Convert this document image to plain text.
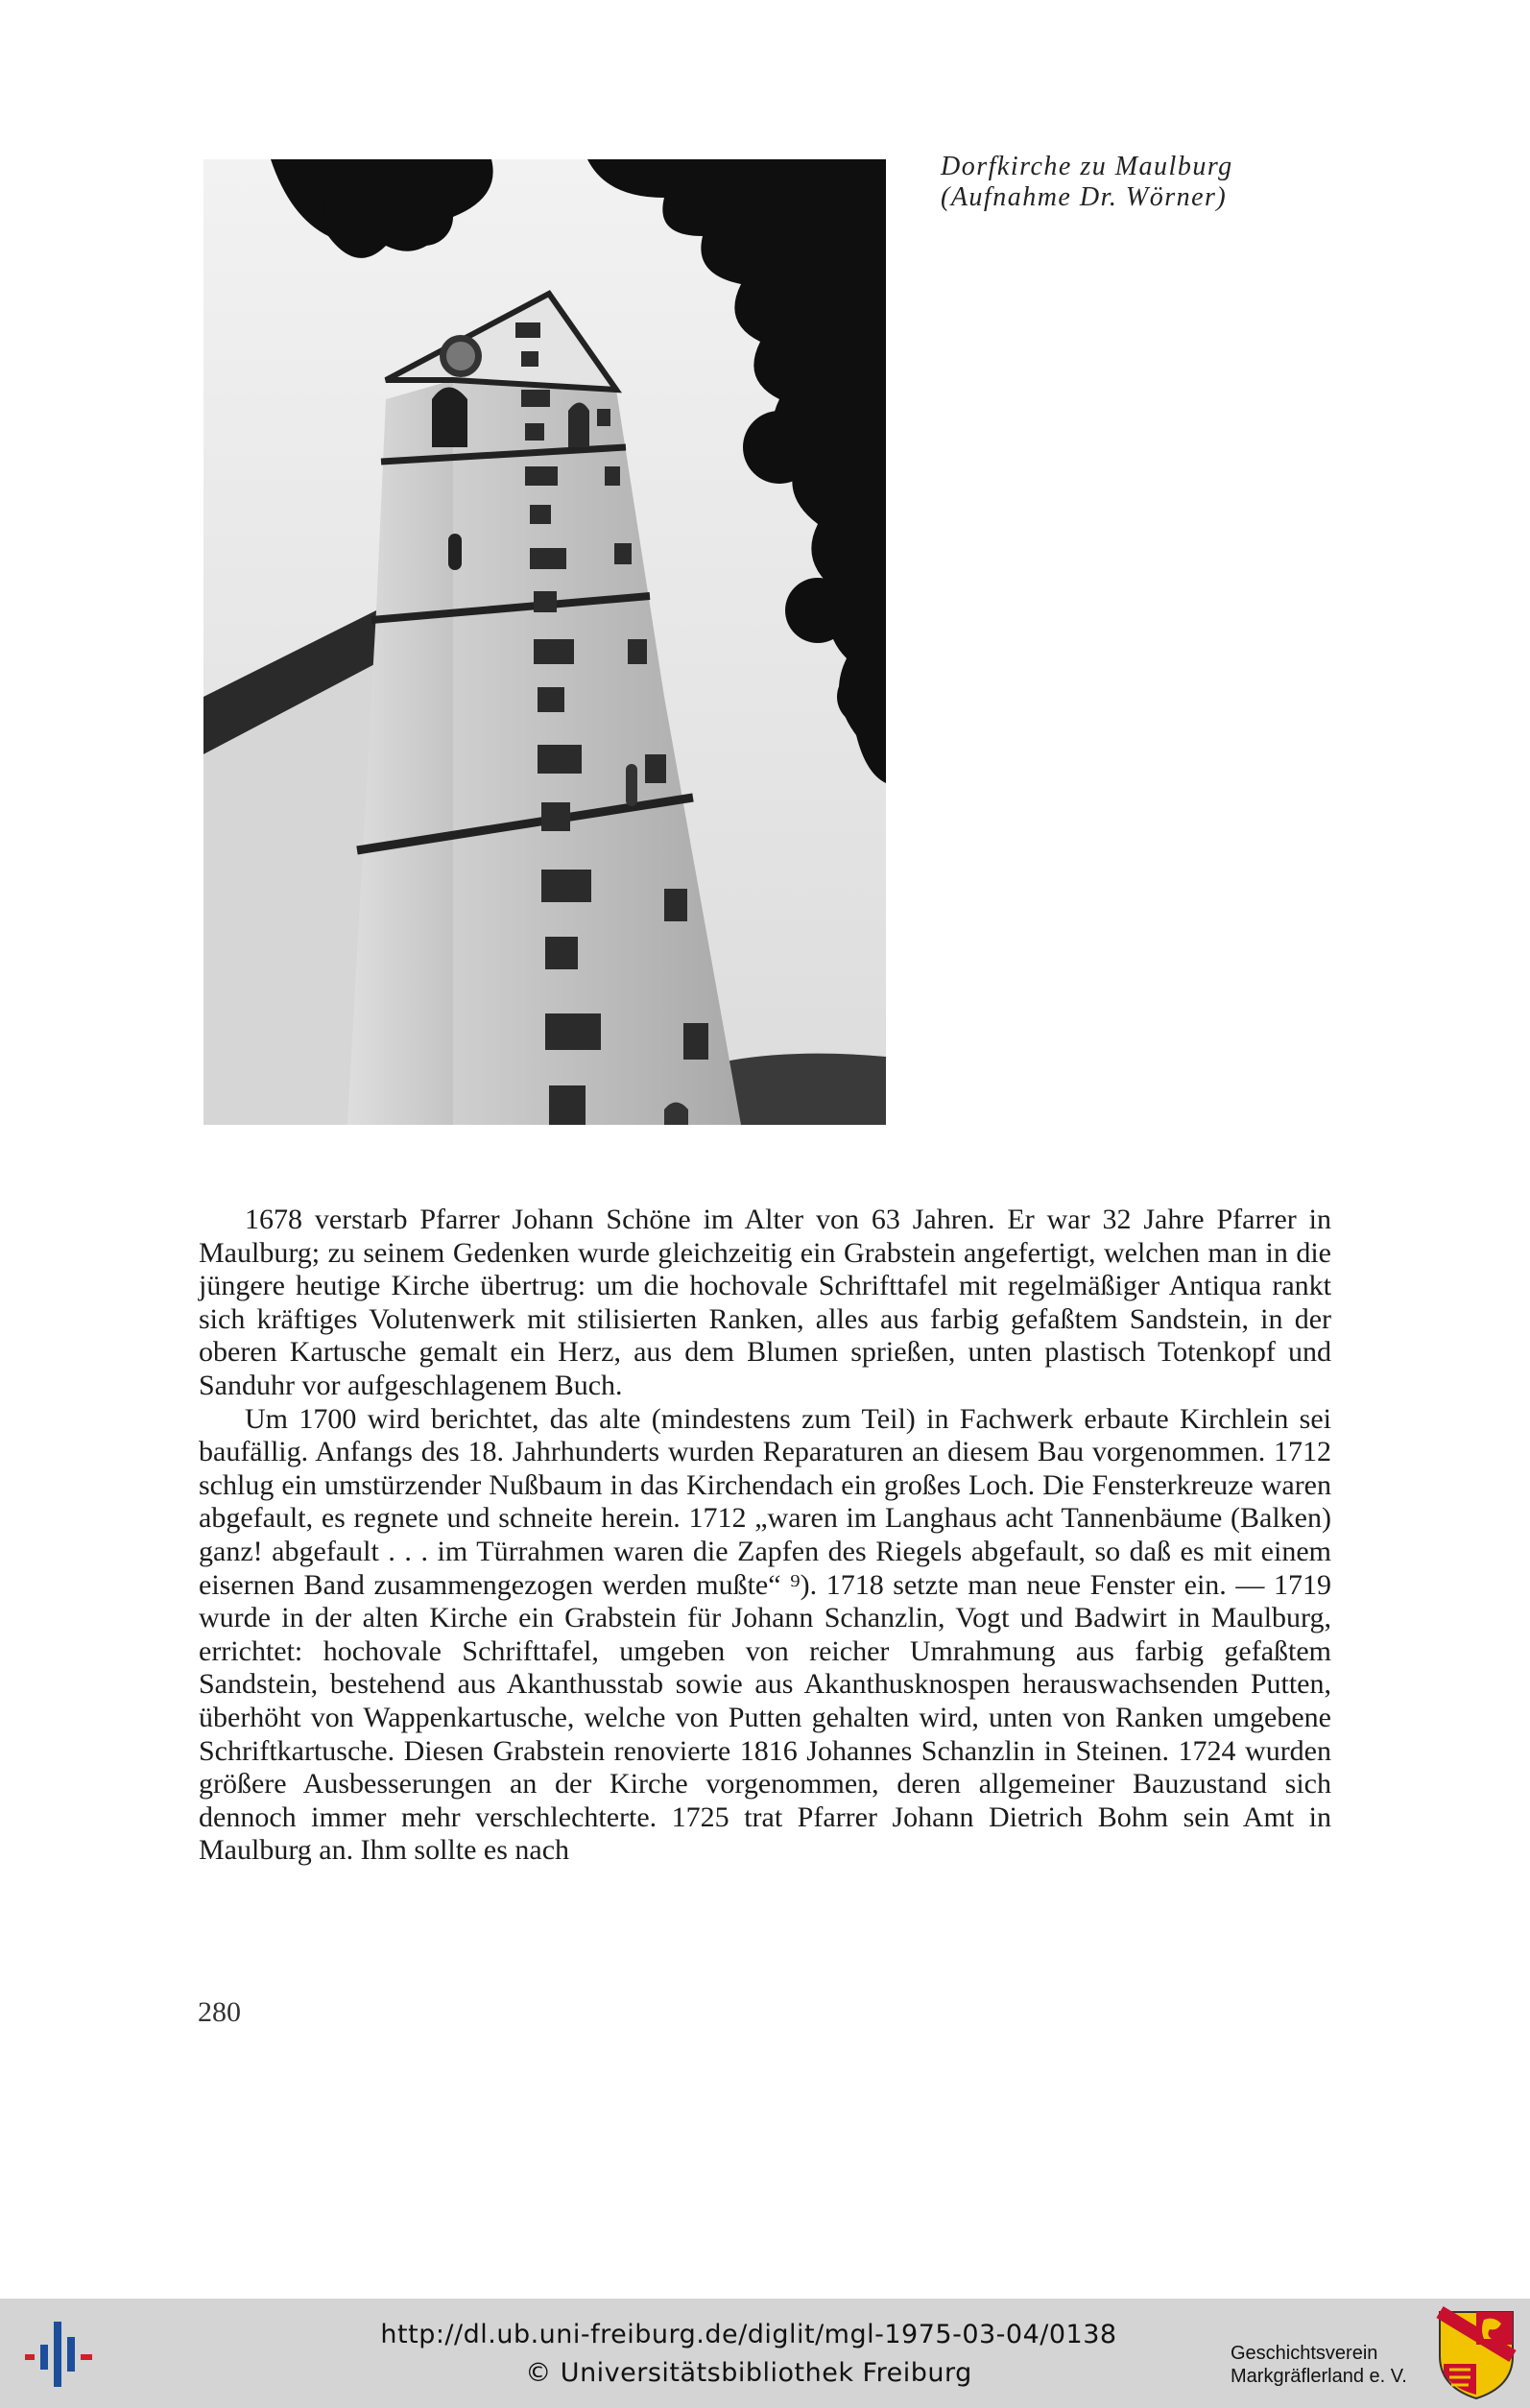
Dorfkirche zu Maulburg
(Aufnahme Dr. Wörner)

1678 verstarb Pfarrer Johann Schöne im Alter von 63 Jahren. Er war 32 Jahre Pfarrer in Maulburg; zu seinem Gedenken wurde gleichzeitig ein Grabstein angefertigt, welchen man in die jüngere heutige Kirche übertrug: um die hochovale Schrifttafel mit regelmäßiger Antiqua rankt sich kräftiges Volutenwerk mit stilisierten Ranken, alles aus farbig gefaßtem Sandstein, in der oberen Kartusche gemalt ein Herz, aus dem Blumen sprießen, unten plastisch Totenkopf und Sanduhr vor aufgeschlagenem Buch.

Um 1700 wird berichtet, das alte (mindestens zum Teil) in Fachwerk erbaute Kirchlein sei baufällig. Anfangs des 18. Jahrhunderts wurden Reparaturen an diesem Bau vorgenommen. 1712 schlug ein umstürzender Nußbaum in das Kirchendach ein großes Loch. Die Fensterkreuze waren abgefault, es regnete und schneite herein. 1712 „waren im Langhaus acht Tannenbäume (Balken) ganz! abgefault . . . im Türrahmen waren die Zapfen des Riegels abgefault, so daß es mit einem eisernen Band zusammengezogen werden mußte“ ⁹). 1718 setzte man neue Fenster ein. — 1719 wurde in der alten Kirche ein Grabstein für Johann Schanzlin, Vogt und Badwirt in Maulburg, errichtet: hochovale Schrifttafel, umgeben von reicher Umrahmung aus farbig gefaßtem Sandstein, bestehend aus Akanthusstab sowie aus Akanthusknospen herauswachsenden Putten, überhöht von Wappenkartusche, welche von Putten gehalten wird, unten von Ranken umgebene Schriftkartusche. Diesen Grabstein renovierte 1816 Johannes Schanzlin in Steinen. 1724 wurden größere Ausbesserungen an der Kirche vorgenommen, deren allgemeiner Bauzustand sich dennoch immer mehr verschlechterte. 1725 trat Pfarrer Johann Dietrich Bohm sein Amt in Maulburg an. Ihm sollte es nach

280
http://dl.ub.uni-freiburg.de/diglit/mgl-1975-03-04/0138
© Universitätsbibliothek Freiburg
Geschichtsverein
Markgräflerland e. V.
